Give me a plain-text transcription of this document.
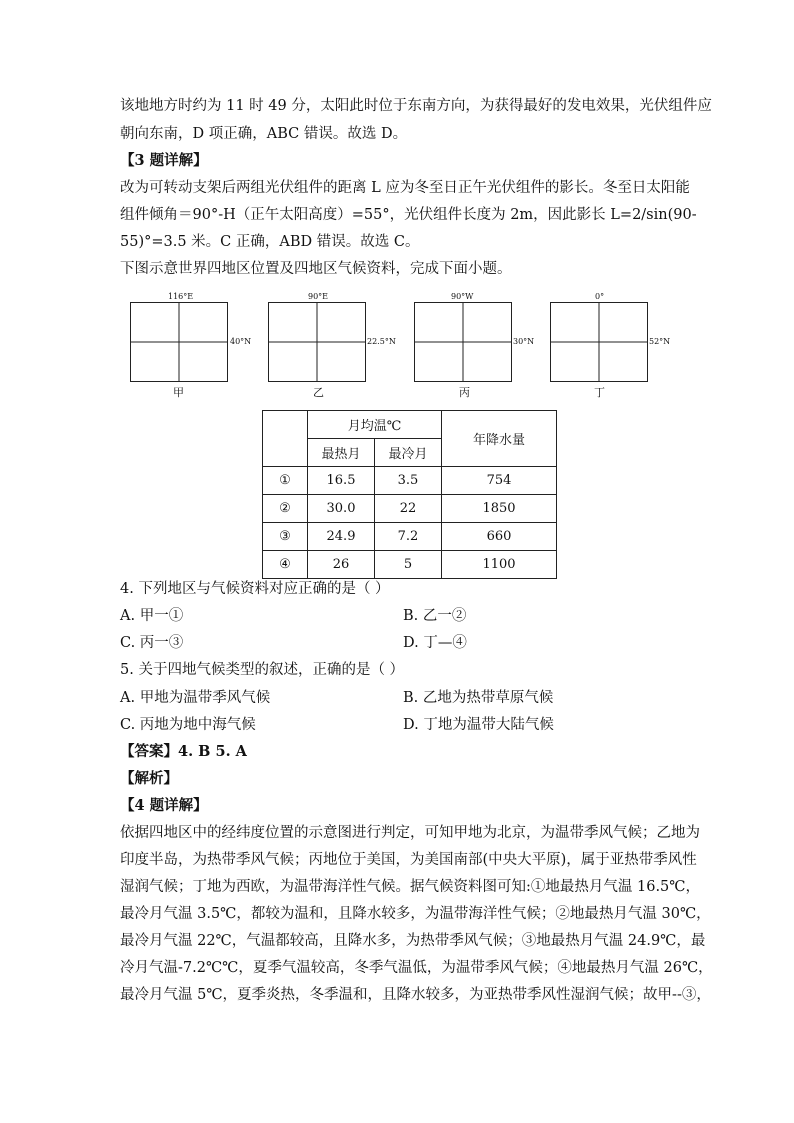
该地地方时约为 11 时 49 分，太阳此时位于东南方向，为获得最好的发电效果，光伏组件应
朝向东南，D 项正确，ABC 错误。故选 D。
【3 题详解】
改为可转动支架后两组光伏组件的距离 L 应为冬至日正午光伏组件的影长。冬至日太阳能
组件倾角＝90°-H（正午太阳高度）=55°，光伏组件长度为 2m，因此影长 L=2/sin(90-
55)°=3.5 米。C 正确，ABD 错误。故选 C。
下图示意世界四地区位置及四地区气候资料，完成下面小题。
116°E
40°N
甲
90°E
22.5°N
乙
90°W
30°N
丙
0°
52°N
丁
	月均温℃		年降水量
	最热月	最冷月	
①	16.5	3.5	754
②	30.0	22	1850
③	24.9	7.2	660
④	26	5	1100
4. 下列地区与气候资料对应正确的是（ ）
A. 甲一①	B. 乙一②
C. 丙一③	D. 丁—④
5. 关于四地气候类型的叙述，正确的是（ ）
A. 甲地为温带季风气候	B. 乙地为热带草原气候
C. 丙地为地中海气候	D. 丁地为温带大陆气候
【答案】4. B 5. A
【解析】
【4 题详解】
依据四地区中的经纬度位置的示意图进行判定，可知甲地为北京，为温带季风气候；乙地为
印度半岛，为热带季风气候；丙地位于美国，为美国南部(中央大平原)，属于亚热带季风性
湿润气候；丁地为西欧，为温带海洋性气候。据气候资料图可知:①地最热月气温 16.5℃，
最冷月气温 3.5℃，都较为温和，且降水较多，为温带海洋性气候；②地最热月气温 30℃，
最冷月气温 22℃，气温都较高，且降水多，为热带季风气候；③地最热月气温 24.9℃，最
冷月气温-7.2℃℃，夏季气温较高，冬季气温低，为温带季风气候；④地最热月气温 26℃，
最冷月气温 5℃，夏季炎热，冬季温和，且降水较多，为亚热带季风性湿润气候；故甲--③，
